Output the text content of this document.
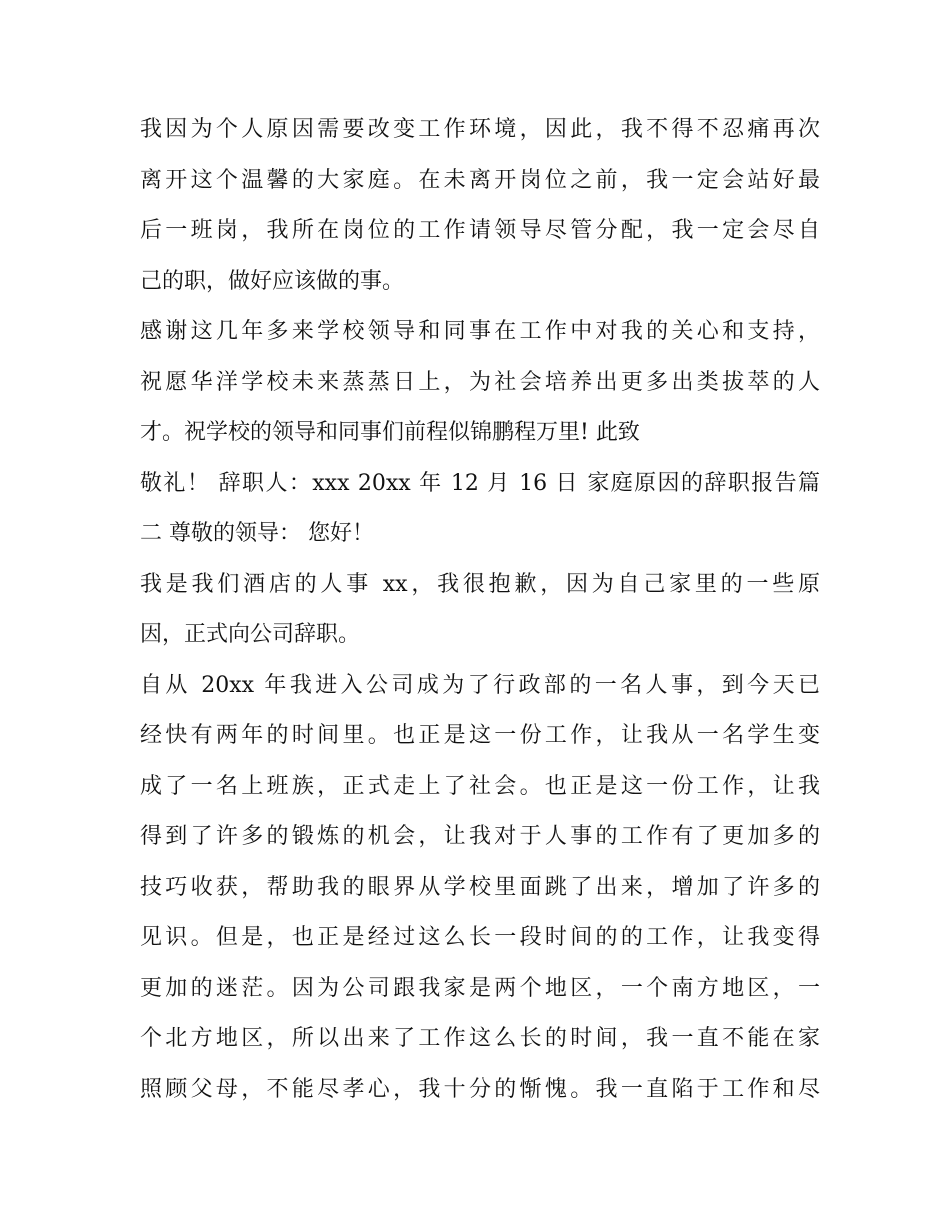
我因为个人原因需要改变工作环境，因此，我不得不忍痛再次
离开这个温馨的大家庭。在未离开岗位之前，我一定会站好最
后一班岗，我所在岗位的工作请领导尽管分配，我一定会尽自
己的职，做好应该做的事。
感谢这几年多来学校领导和同事在工作中对我的关心和支持，
祝愿华洋学校未来蒸蒸日上，为社会培养出更多出类拔萃的人
才。祝学校的领导和同事们前程似锦鹏程万里! 此致
敬礼！ 辞职人：xxx 20xx 年 12 月 16 日 家庭原因的辞职报告篇
二 尊敬的领导： 您好！
我是我们酒店的人事 xx，我很抱歉，因为自己家里的一些原
因，正式向公司辞职。
自从 20xx 年我进入公司成为了行政部的一名人事，到今天已
经快有两年的时间里。也正是这一份工作，让我从一名学生变
成了一名上班族，正式走上了社会。也正是这一份工作，让我
得到了许多的锻炼的机会，让我对于人事的工作有了更加多的
技巧收获，帮助我的眼界从学校里面跳了出来，增加了许多的
见识。但是，也正是经过这么长一段时间的的工作，让我变得
更加的迷茫。因为公司跟我家是两个地区，一个南方地区，一
个北方地区，所以出来了工作这么长的时间，我一直不能在家
照顾父母，不能尽孝心，我十分的惭愧。我一直陷于工作和尽
